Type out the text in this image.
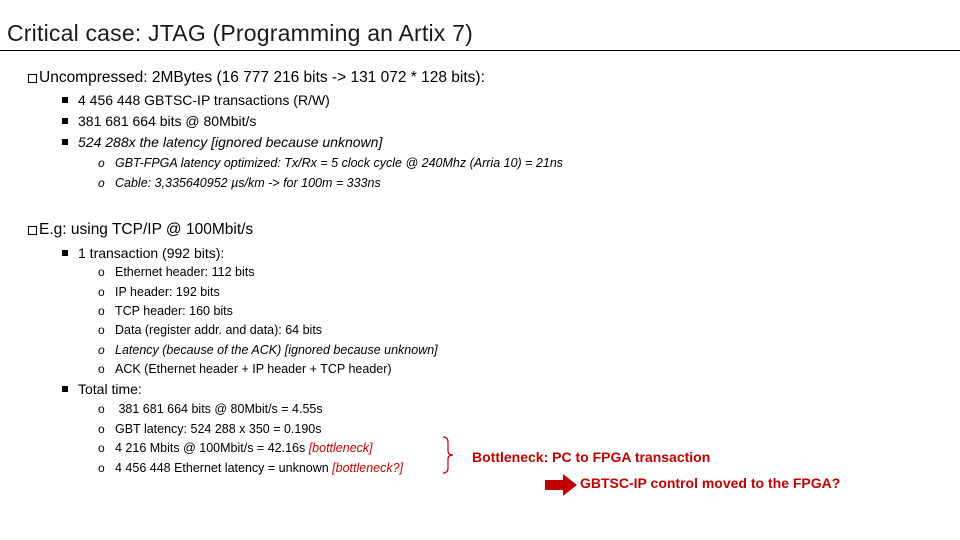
Critical case: JTAG (Programming an Artix 7)
Uncompressed: 2MBytes (16 777 216 bits -> 131 072 * 128 bits):
4 456 448 GBTSC-IP transactions (R/W)
381 681 664 bits @ 80Mbit/s
524 288x the latency [ignored because unknown]
o GBT-FPGA latency optimized: Tx/Rx = 5 clock cycle @ 240Mhz (Arria 10) = 21ns
o Cable: 3,335640952 µs/km -> for 100m = 333ns
E.g: using TCP/IP @ 100Mbit/s
1 transaction (992 bits):
o Ethernet header: 112 bits
o IP header: 192 bits
o TCP header: 160 bits
o Data (register addr. and data): 64 bits
o Latency (because of the ACK) [ignored because unknown]
o ACK (Ethernet header + IP header + TCP header)
Total time:
o 381 681 664 bits @ 80Mbit/s = 4.55s
o GBT latency: 524 288 x 350 = 0.190s
o 4 216 Mbits @ 100Mbit/s = 42.16s [bottleneck]
o 4 456 448 Ethernet latency = unknown [bottleneck?]
Bottleneck: PC to FPGA transaction
GBTSC-IP control moved to the FPGA?
